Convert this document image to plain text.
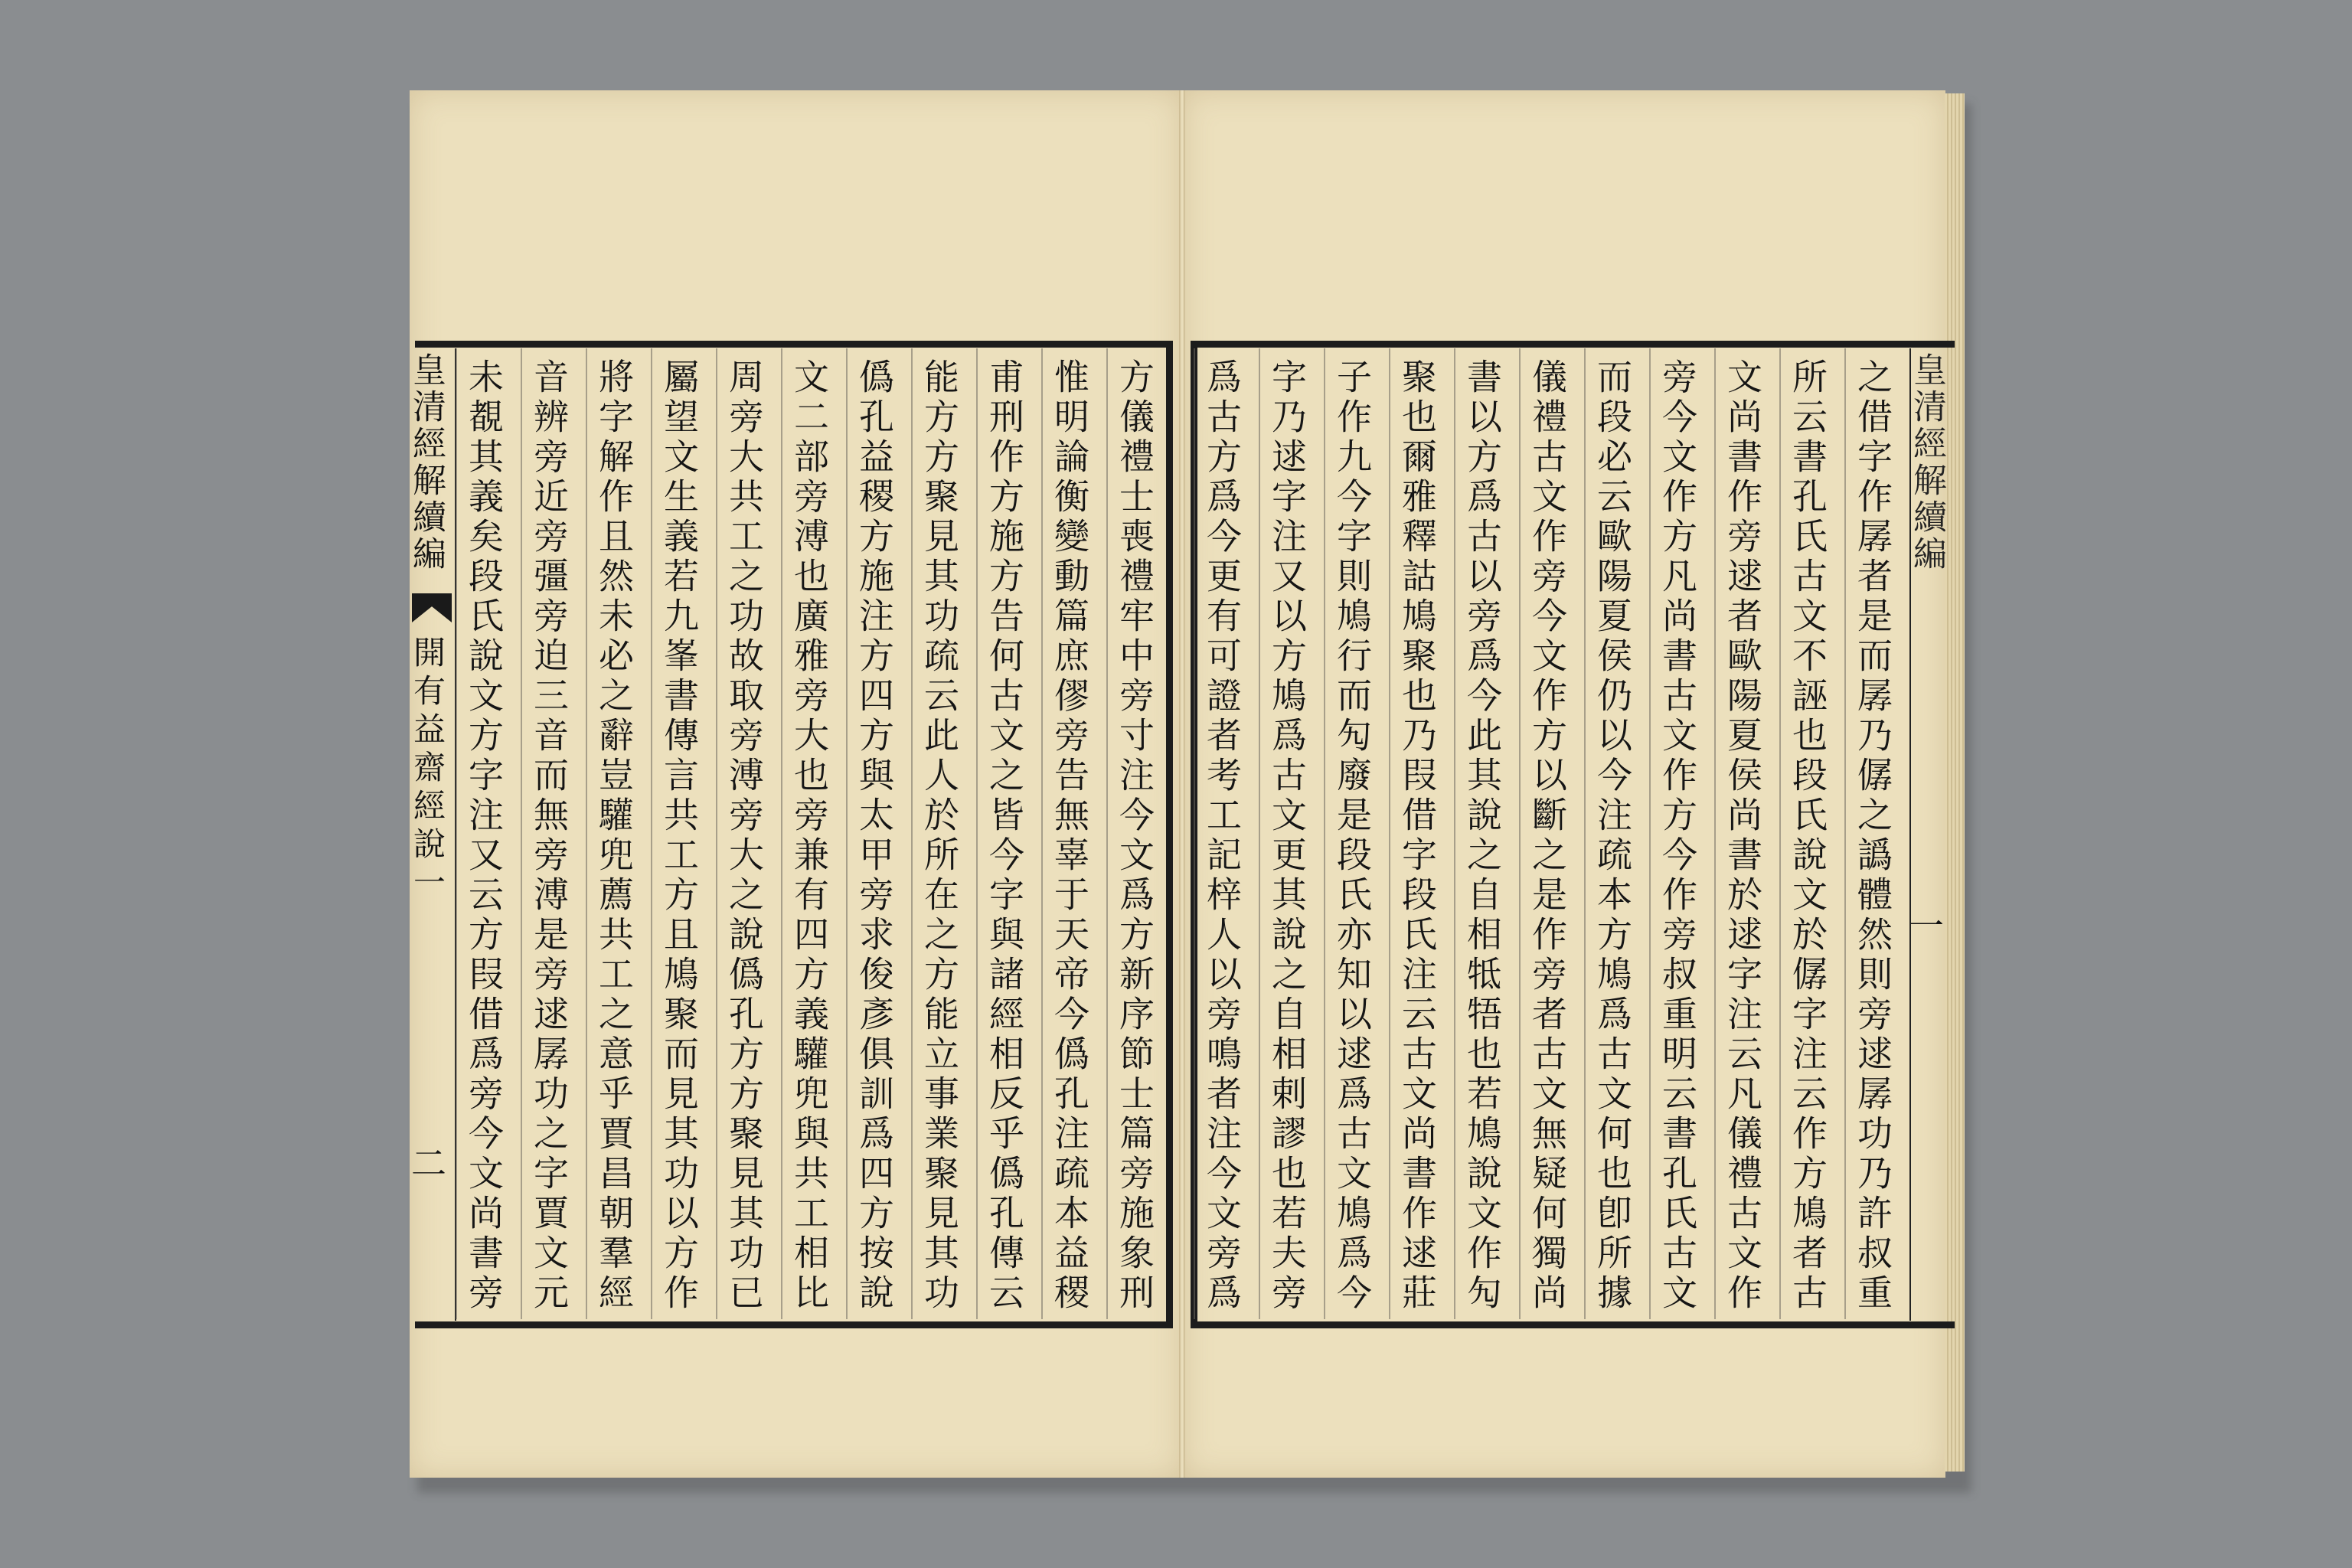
皇清經解續編
開有益齋經說一
二	方儀禮士喪禮牢中旁寸注今文爲方新序節士篇旁施象刑
惟明論衡變動篇庶僇旁告無辜于天帝今僞孔注疏本益稷
甫刑作方施方告何古文之皆今字與諸經相反乎僞孔傳云
能方方聚見其功疏云此人於所在之方能立事業聚見其功
僞孔益稷方施注方四方與太甲旁求俊彥俱訓爲四方按說
文二部旁溥也廣雅旁大也旁兼有四方義驩兜與共工相比
周旁大共工之功故取旁溥旁大之說僞孔方方聚見其功已
屬望文生義若九峯書傳言共工方且鳩聚而見其功以方作
將字解作且然未必之辭豈驩兜薦共工之意乎賈昌朝羣經
音辨旁近旁彊旁迫三音而無旁溥是旁逑孱功之字賈文元
未覩其義矣段氏說文方字注又云方叚借爲旁今文尚書旁	皇清經解續編
一
之借字作孱者是而孱乃僝之譌體然則旁逑孱功乃許叔重
所云書孔氏古文不誣也段氏說文於僝字注云作方鳩者古
文尚書作旁逑者歐陽夏侯尚書於逑字注云凡儀禮古文作
旁今文作方凡尚書古文作方今作旁叔重明云書孔氏古文
而段必云歐陽夏侯仍以今注疏本方鳩爲古文何也卽所據
儀禮古文作旁今文作方以斷之是作旁者古文無疑何獨尚
書以方爲古以旁爲今此其說之自相牴牾也若鳩說文作勼
聚也爾雅釋詁鳩聚也乃叚借字段氏注云古文尚書作逑莊
子作九今字則鳩行而勼廢是段氏亦知以逑爲古文鳩爲今
字乃逑字注又以方鳩爲古文更其說之自相剌謬也若夫旁
爲古方爲今更有可證者考工記梓人以旁鳴者注今文旁爲
